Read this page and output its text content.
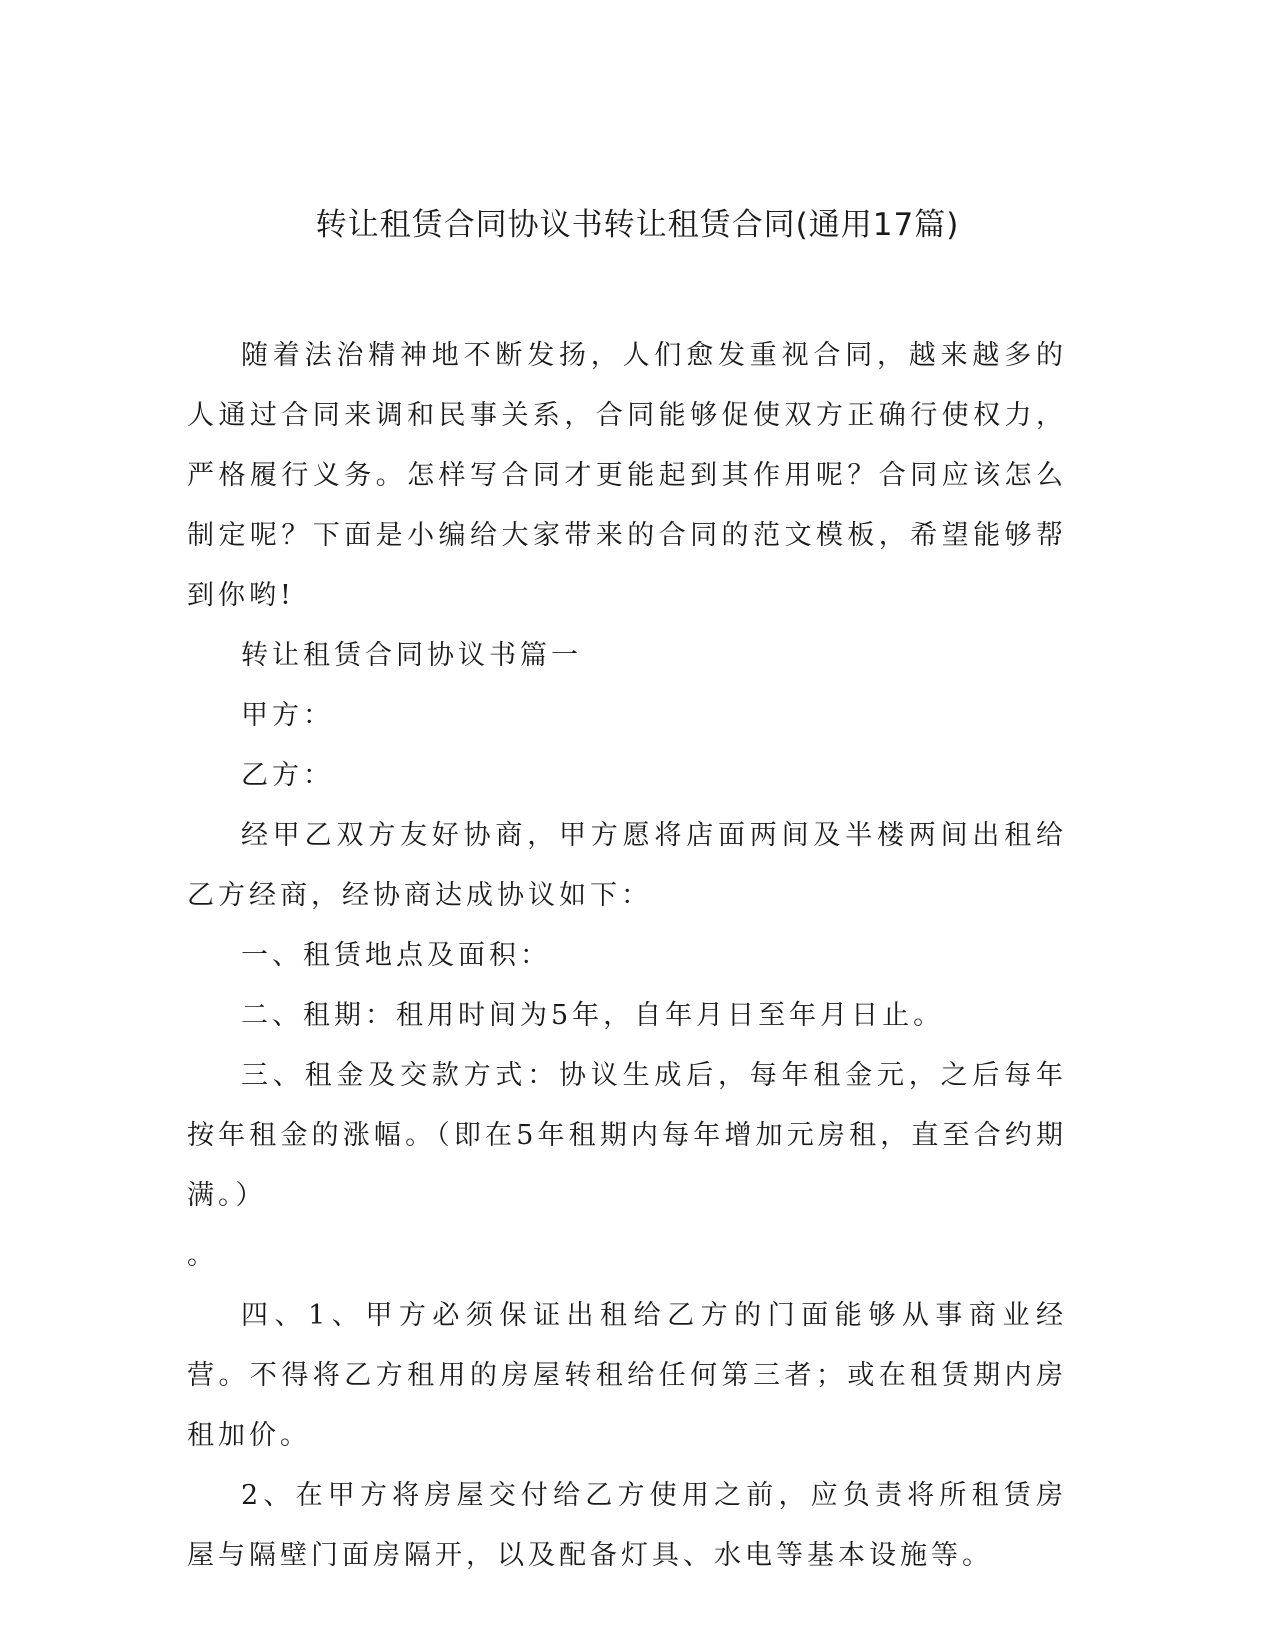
转让租赁合同协议书转让租赁合同(通用17篇)

随着法治精神地不断发扬，人们愈发重视合同，越来越多的人通过合同来调和民事关系，合同能够促使双方正确行使权力，严格履行义务。怎样写合同才更能起到其作用呢？合同应该怎么制定呢？下面是小编给大家带来的合同的范文模板，希望能够帮到你哟!

转让租赁合同协议书篇一

甲方：

乙方：

经甲乙双方友好协商，甲方愿将店面两间及半楼两间出租给乙方经商，经协商达成协议如下：

一、租赁地点及面积：

二、租期：租用时间为5年，自年月日至年月日止。

三、租金及交款方式：协议生成后，每年租金元，之后每年按年租金的涨幅。（即在5年租期内每年增加元房租，直至合约期满。）

。

四、1、甲方必须保证出租给乙方的门面能够从事商业经营。不得将乙方租用的房屋转租给任何第三者；或在租赁期内房租加价。

2、在甲方将房屋交付给乙方使用之前，应负责将所租赁房屋与隔壁门面房隔开，以及配备灯具、水电等基本设施等。
